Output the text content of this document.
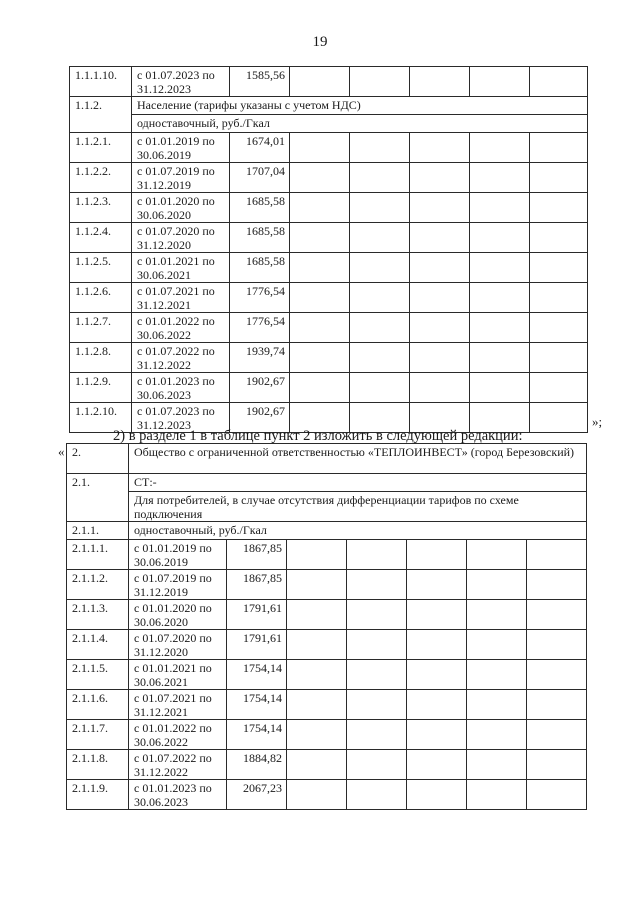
19
1.1.1.10.	с 01.07.2023 по 31.12.2023	1585,56					
1.1.2.	Население (тарифы указаны с учетом НДС)						
	одноставочный, руб./Гкал						
1.1.2.1.	с 01.01.2019 по 30.06.2019	1674,01					
1.1.2.2.	с 01.07.2019 по 31.12.2019	1707,04					
1.1.2.3.	с 01.01.2020 по 30.06.2020	1685,58					
1.1.2.4.	с 01.07.2020 по 31.12.2020	1685,58					
1.1.2.5.	с 01.01.2021 по 30.06.2021	1685,58					
1.1.2.6.	с 01.07.2021 по 31.12.2021	1776,54					
1.1.2.7.	с 01.01.2022 по 30.06.2022	1776,54					
1.1.2.8.	с 01.07.2022 по 31.12.2022	1939,74					
1.1.2.9.	с 01.01.2023 по 30.06.2023	1902,67					
1.1.2.10.	с 01.07.2023 по 31.12.2023	1902,67					
»;
2) в разделе 1 в таблице пункт 2 изложить в следующей редакции:
« 2.	Общество с ограниченной ответственностью «ТЕПЛОИНВЕСТ» (город Березовский)						
2.1.	СТ:-						
	Для потребителей, в случае отсутствия дифференциации тарифов по схеме подключения						
2.1.1.	одноставочный, руб./Гкал						
2.1.1.1.	с 01.01.2019 по 30.06.2019	1867,85					
2.1.1.2.	с 01.07.2019 по 31.12.2019	1867,85					
2.1.1.3.	с 01.01.2020 по 30.06.2020	1791,61					
2.1.1.4.	с 01.07.2020 по 31.12.2020	1791,61					
2.1.1.5.	с 01.01.2021 по 30.06.2021	1754,14					
2.1.1.6.	с 01.07.2021 по 31.12.2021	1754,14					
2.1.1.7.	с 01.01.2022 по 30.06.2022	1754,14					
2.1.1.8.	с 01.07.2022 по 31.12.2022	1884,82					
2.1.1.9.	с 01.01.2023 по 30.06.2023	2067,23					
